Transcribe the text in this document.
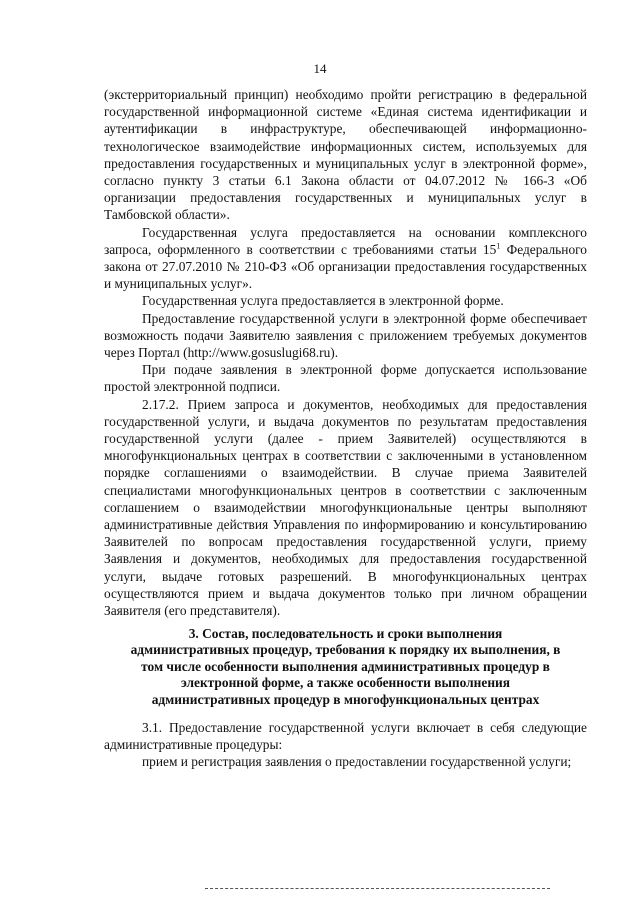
14

(экстерриториальный принцип) необходимо пройти регистрацию в федеральной государственной информационной системе «Единая система идентификации и аутентификации в инфраструктуре, обеспечивающей информационно-технологическое взаимодействие информационных систем, используемых для предоставления государственных и муниципальных услуг в электронной форме», согласно пункту 3 статьи 6.1 Закона области от 04.07.2012 № 166-З «Об организации предоставления государственных и муниципальных услуг в Тамбовской области».

Государственная услуга предоставляется на основании комплексного запроса, оформленного в соответствии с требованиями статьи $15^1$ Федерального закона от 27.07.2010 № 210-ФЗ «Об организации предоставления государственных и муниципальных услуг».

Государственная услуга предоставляется в электронной форме.

Предоставление государственной услуги в электронной форме обеспечивает возможность подачи Заявителю заявления с приложением требуемых документов через Портал (http://www.gosuslugi68.ru).

При подаче заявления в электронной форме допускается использование простой электронной подписи.

2.17.2. Прием запроса и документов, необходимых для предоставления государственной услуги, и выдача документов по результатам предоставления государственной услуги (далее - прием Заявителей) осуществляются в многофункциональных центрах в соответствии с заключенными в установленном порядке соглашениями о взаимодействии. В случае приема Заявителей специалистами многофункциональных центров в соответствии с заключенным соглашением о взаимодействии многофункциональные центры выполняют административные действия Управления по информированию и консультированию Заявителей по вопросам предоставления государственной услуги, приему Заявления и документов, необходимых для предоставления государственной услуги, выдаче готовых разрешений. В многофункциональных центрах осуществляются прием и выдача документов только при личном обращении Заявителя (его представителя).

3. Состав, последовательность и сроки выполнения
административных процедур, требования к порядку их выполнения, в
том числе особенности выполнения административных процедур в
электронной форме, а также особенности выполнения
административных процедур в многофункциональных центрах

3.1. Предоставление государственной услуги включает в себя следующие административные процедуры:

прием и регистрация заявления о предоставлении государственной услуги;
